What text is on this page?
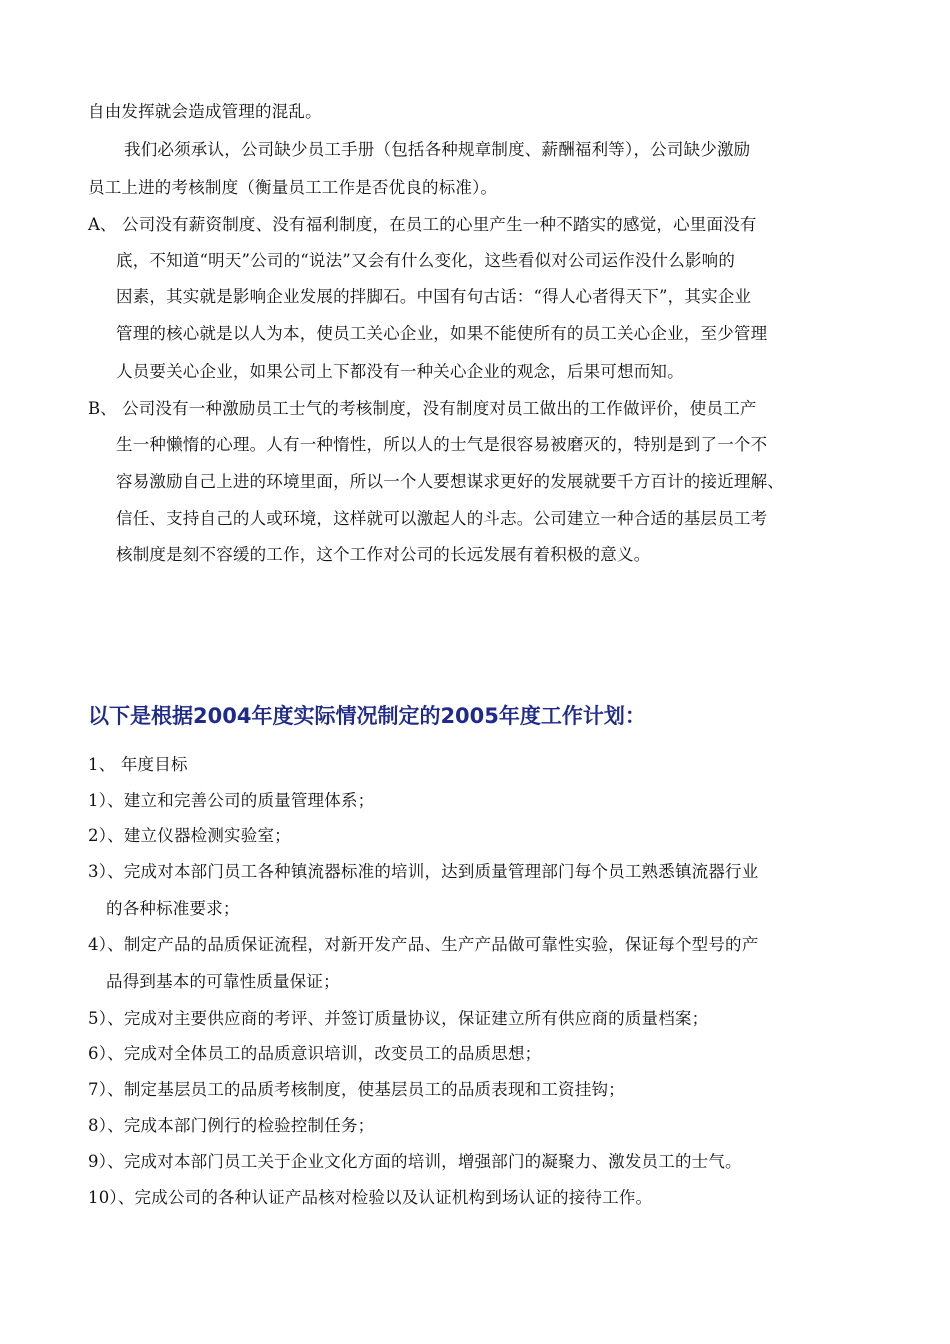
自由发挥就会造成管理的混乱。
我们必须承认，公司缺少员工手册（包括各种规章制度、薪酬福利等），公司缺少激励
员工上进的考核制度（衡量员工工作是否优良的标准）。
A、 公司没有薪资制度、没有福利制度，在员工的心里产生一种不踏实的感觉，心里面没有
底，不知道“明天”公司的“说法”又会有什么变化，这些看似对公司运作没什么影响的
因素，其实就是影响企业发展的拌脚石。中国有句古话：“得人心者得天下”，其实企业
管理的核心就是以人为本，使员工关心企业，如果不能使所有的员工关心企业，至少管理
人员要关心企业，如果公司上下都没有一种关心企业的观念，后果可想而知。
B、 公司没有一种激励员工士气的考核制度，没有制度对员工做出的工作做评价，使员工产
生一种懒惰的心理。人有一种惰性，所以人的士气是很容易被磨灭的，特别是到了一个不
容易激励自己上进的环境里面，所以一个人要想谋求更好的发展就要千方百计的接近理解、
信任、支持自己的人或环境，这样就可以激起人的斗志。公司建立一种合适的基层员工考
核制度是刻不容缓的工作，这个工作对公司的长远发展有着积极的意义。
以下是根据2004年度实际情况制定的2005年度工作计划：
1、 年度目标
1）、建立和完善公司的质量管理体系；
2）、建立仪器检测实验室；
3）、完成对本部门员工各种镇流器标准的培训，达到质量管理部门每个员工熟悉镇流器行业
的各种标准要求；
4）、制定产品的品质保证流程，对新开发产品、生产产品做可靠性实验，保证每个型号的产
品得到基本的可靠性质量保证；
5）、完成对主要供应商的考评、并签订质量协议，保证建立所有供应商的质量档案；
6）、完成对全体员工的品质意识培训，改变员工的品质思想；
7）、制定基层员工的品质考核制度，使基层员工的品质表现和工资挂钩；
8）、完成本部门例行的检验控制任务；
9）、完成对本部门员工关于企业文化方面的培训，增强部门的凝聚力、激发员工的士气。
10）、完成公司的各种认证产品核对检验以及认证机构到场认证的接待工作。
